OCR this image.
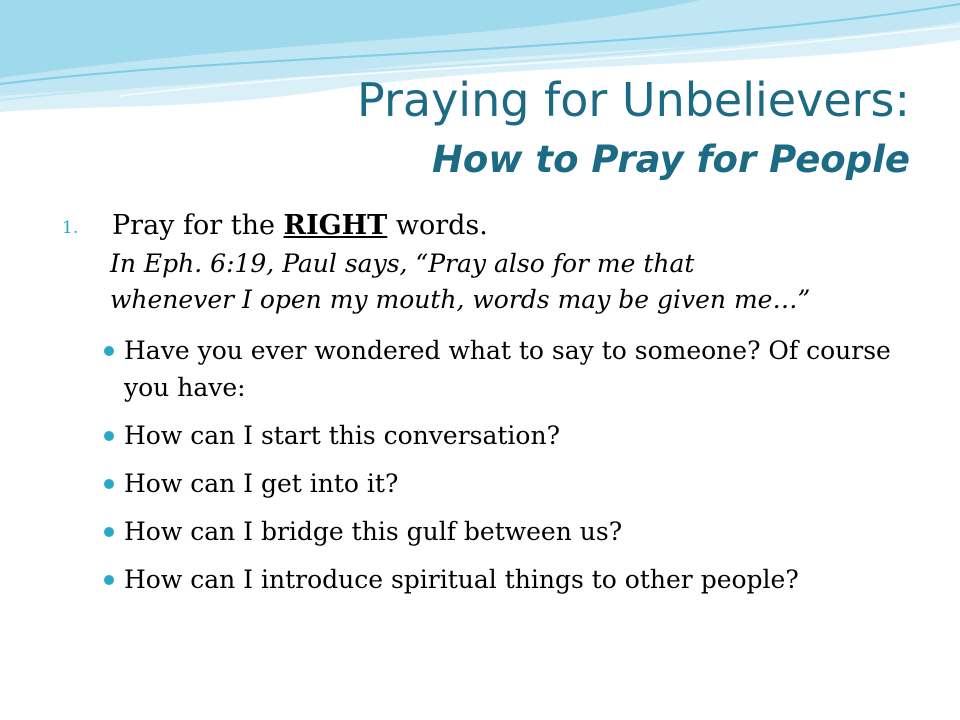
Praying for Unbelievers:
How to Pray for People
1. Pray for the RIGHT words.
In Eph. 6:19, Paul says, “Pray also for me that
whenever I open my mouth, words may be given me…”
Have you ever wondered what to say to someone? Of course you have:
How can I start this conversation?
How can I get into it?
How can I bridge this gulf between us?
How can I introduce spiritual things to other people?
